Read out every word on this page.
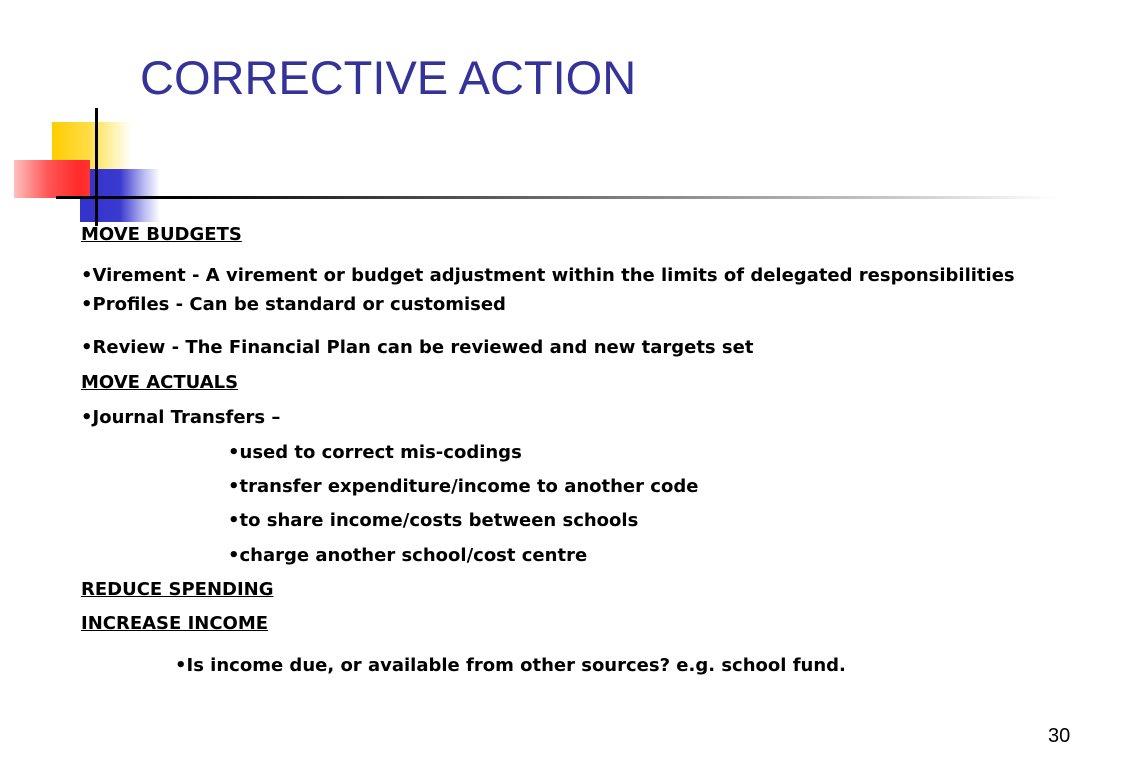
CORRECTIVE ACTION

MOVE BUDGETS

•Virement - A virement or budget adjustment within the limits of delegated responsibilities

•Profiles - Can be standard or customised

•Review - The Financial Plan can be reviewed and new targets set

MOVE ACTUALS

•Journal Transfers –

•used to correct mis-codings

•transfer expenditure/income to another code

•to share income/costs between schools

•charge another school/cost centre

REDUCE SPENDING

INCREASE INCOME

•Is income due, or available from other sources? e.g. school fund.

30
